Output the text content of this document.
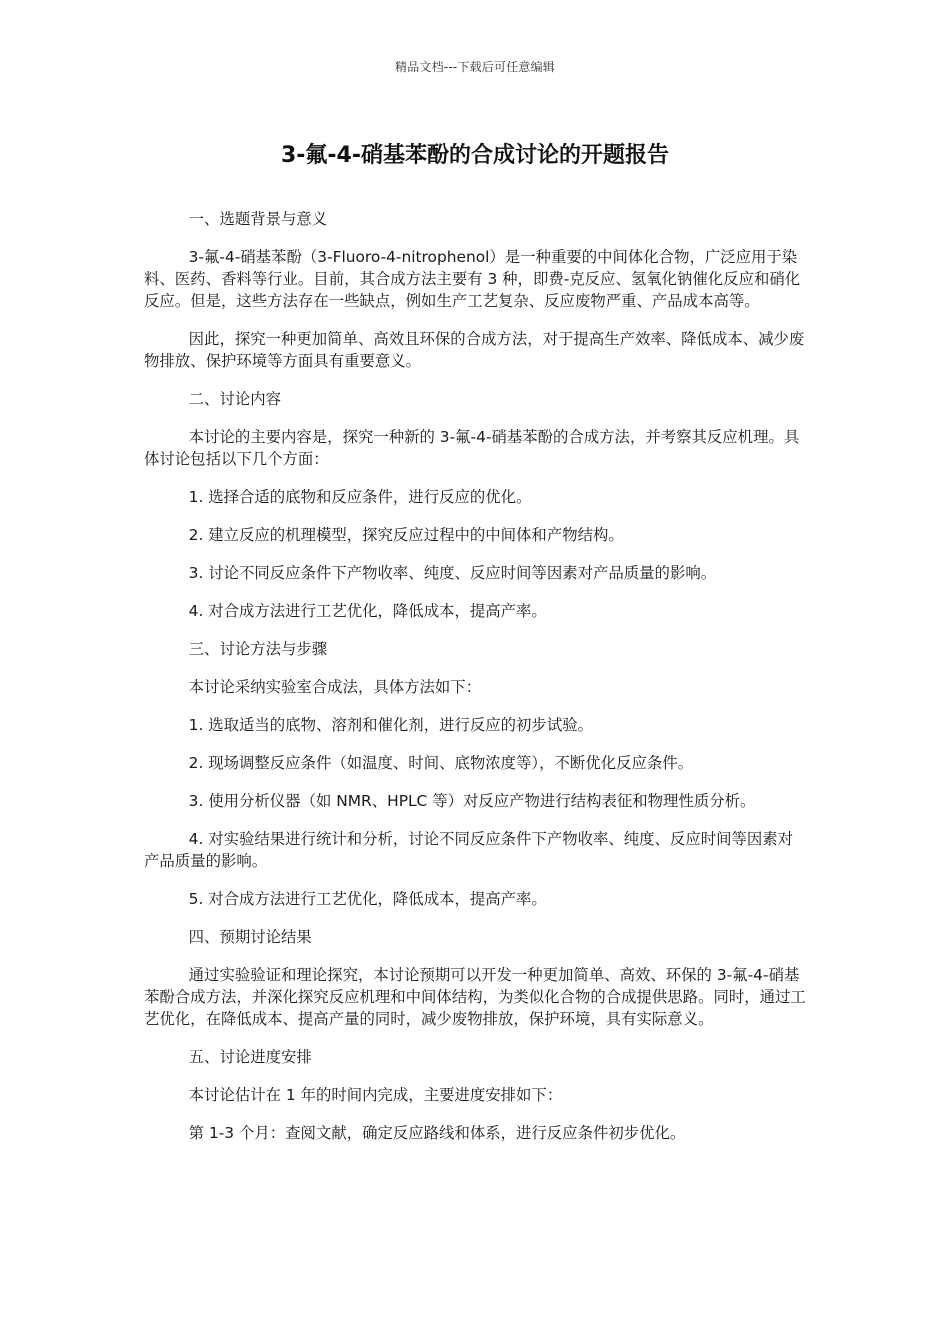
精品文档---下载后可任意编辑
3-氟-4-硝基苯酚的合成讨论的开题报告

一、选题背景与意义

3-氟-4-硝基苯酚（3-Fluoro-4-nitrophenol）是一种重要的中间体化合物，广泛应用于染料、医药、香料等行业。目前，其合成方法主要有 3 种，即费-克反应、氢氧化钠催化反应和硝化反应。但是，这些方法存在一些缺点，例如生产工艺复杂、反应废物严重、产品成本高等。

因此，探究一种更加简单、高效且环保的合成方法，对于提高生产效率、降低成本、减少废物排放、保护环境等方面具有重要意义。

二、讨论内容

本讨论的主要内容是，探究一种新的 3-氟-4-硝基苯酚的合成方法，并考察其反应机理。具体讨论包括以下几个方面：

1. 选择合适的底物和反应条件，进行反应的优化。

2. 建立反应的机理模型，探究反应过程中的中间体和产物结构。

3. 讨论不同反应条件下产物收率、纯度、反应时间等因素对产品质量的影响。

4. 对合成方法进行工艺优化，降低成本，提高产率。

三、讨论方法与步骤

本讨论采纳实验室合成法，具体方法如下：

1. 选取适当的底物、溶剂和催化剂，进行反应的初步试验。

2. 现场调整反应条件（如温度、时间、底物浓度等），不断优化反应条件。

3. 使用分析仪器（如 NMR、HPLC 等）对反应产物进行结构表征和物理性质分析。

4. 对实验结果进行统计和分析，讨论不同反应条件下产物收率、纯度、反应时间等因素对产品质量的影响。

5. 对合成方法进行工艺优化，降低成本，提高产率。

四、预期讨论结果

通过实验验证和理论探究，本讨论预期可以开发一种更加简单、高效、环保的 3-氟-4-硝基苯酚合成方法，并深化探究反应机理和中间体结构，为类似化合物的合成提供思路。同时，通过工艺优化，在降低成本、提高产量的同时，减少废物排放，保护环境，具有实际意义。

五、讨论进度安排

本讨论估计在 1 年的时间内完成，主要进度安排如下：

第 1-3 个月：查阅文献，确定反应路线和体系，进行反应条件初步优化。
